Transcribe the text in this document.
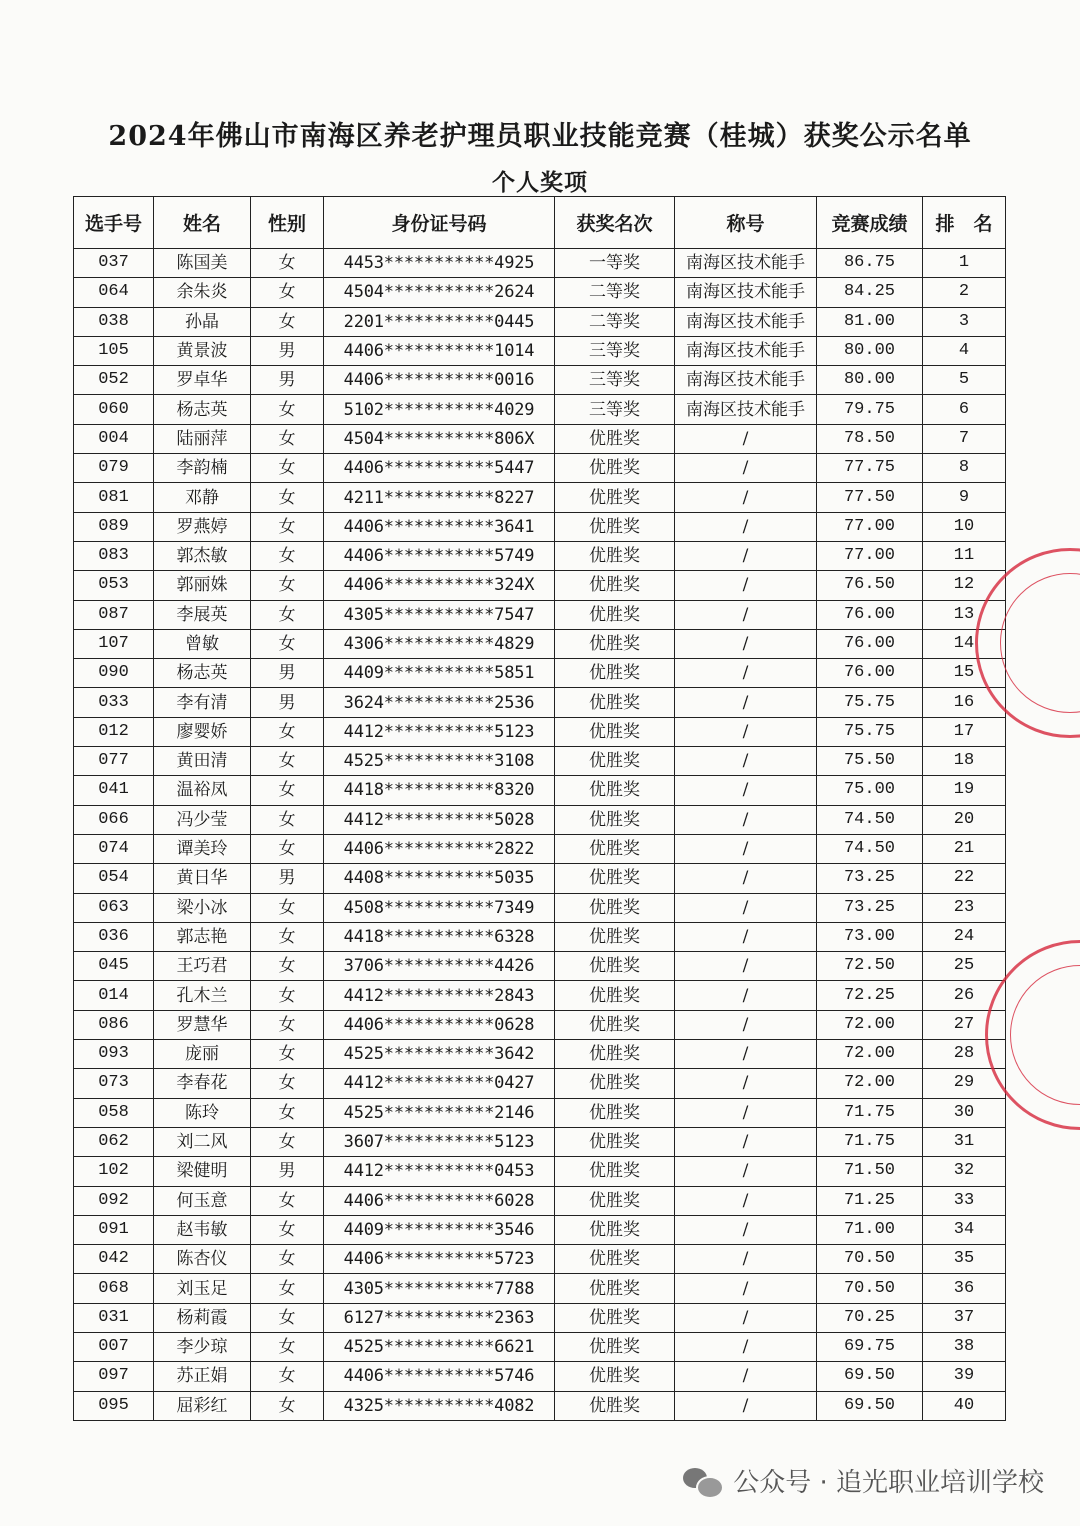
2024年佛山市南海区养老护理员职业技能竞赛（桂城）获奖公示名单
个人奖项
选手号	姓名	性别	身份证号码	获奖名次	称号	竞赛成绩	排　名
037	陈国美	女	4453***********4925	一等奖	南海区技术能手	86.75	1
064	余朱炎	女	4504***********2624	二等奖	南海区技术能手	84.25	2
038	孙晶	女	2201***********0445	二等奖	南海区技术能手	81.00	3
105	黄景波	男	4406***********1014	三等奖	南海区技术能手	80.00	4
052	罗卓华	男	4406***********0016	三等奖	南海区技术能手	80.00	5
060	杨志英	女	5102***********4029	三等奖	南海区技术能手	79.75	6
004	陆丽萍	女	4504***********806X	优胜奖	/	78.50	7
079	李韵楠	女	4406***********5447	优胜奖	/	77.75	8
081	邓静	女	4211***********8227	优胜奖	/	77.50	9
089	罗燕婷	女	4406***********3641	优胜奖	/	77.00	10
083	郭杰敏	女	4406***********5749	优胜奖	/	77.00	11
053	郭丽姝	女	4406***********324X	优胜奖	/	76.50	12
087	李展英	女	4305***********7547	优胜奖	/	76.00	13
107	曾敏	女	4306***********4829	优胜奖	/	76.00	14
090	杨志英	男	4409***********5851	优胜奖	/	76.00	15
033	李有清	男	3624***********2536	优胜奖	/	75.75	16
012	廖婴娇	女	4412***********5123	优胜奖	/	75.75	17
077	黄田清	女	4525***********3108	优胜奖	/	75.50	18
041	温裕凤	女	4418***********8320	优胜奖	/	75.00	19
066	冯少莹	女	4412***********5028	优胜奖	/	74.50	20
074	谭美玲	女	4406***********2822	优胜奖	/	74.50	21
054	黄日华	男	4408***********5035	优胜奖	/	73.25	22
063	梁小冰	女	4508***********7349	优胜奖	/	73.25	23
036	郭志艳	女	4418***********6328	优胜奖	/	73.00	24
045	王巧君	女	3706***********4426	优胜奖	/	72.50	25
014	孔木兰	女	4412***********2843	优胜奖	/	72.25	26
086	罗慧华	女	4406***********0628	优胜奖	/	72.00	27
093	庞丽	女	4525***********3642	优胜奖	/	72.00	28
073	李春花	女	4412***********0427	优胜奖	/	72.00	29
058	陈玲	女	4525***********2146	优胜奖	/	71.75	30
062	刘二风	女	3607***********5123	优胜奖	/	71.75	31
102	梁健明	男	4412***********0453	优胜奖	/	71.50	32
092	何玉意	女	4406***********6028	优胜奖	/	71.25	33
091	赵韦敏	女	4409***********3546	优胜奖	/	71.00	34
042	陈杏仪	女	4406***********5723	优胜奖	/	70.50	35
068	刘玉足	女	4305***********7788	优胜奖	/	70.50	36
031	杨莉霞	女	6127***********2363	优胜奖	/	70.25	37
007	李少琼	女	4525***********6621	优胜奖	/	69.75	38
097	苏正娟	女	4406***********5746	优胜奖	/	69.50	39
095	屈彩红	女	4325***********4082	优胜奖	/	69.50	40
公众号 · 追光职业培训学校
